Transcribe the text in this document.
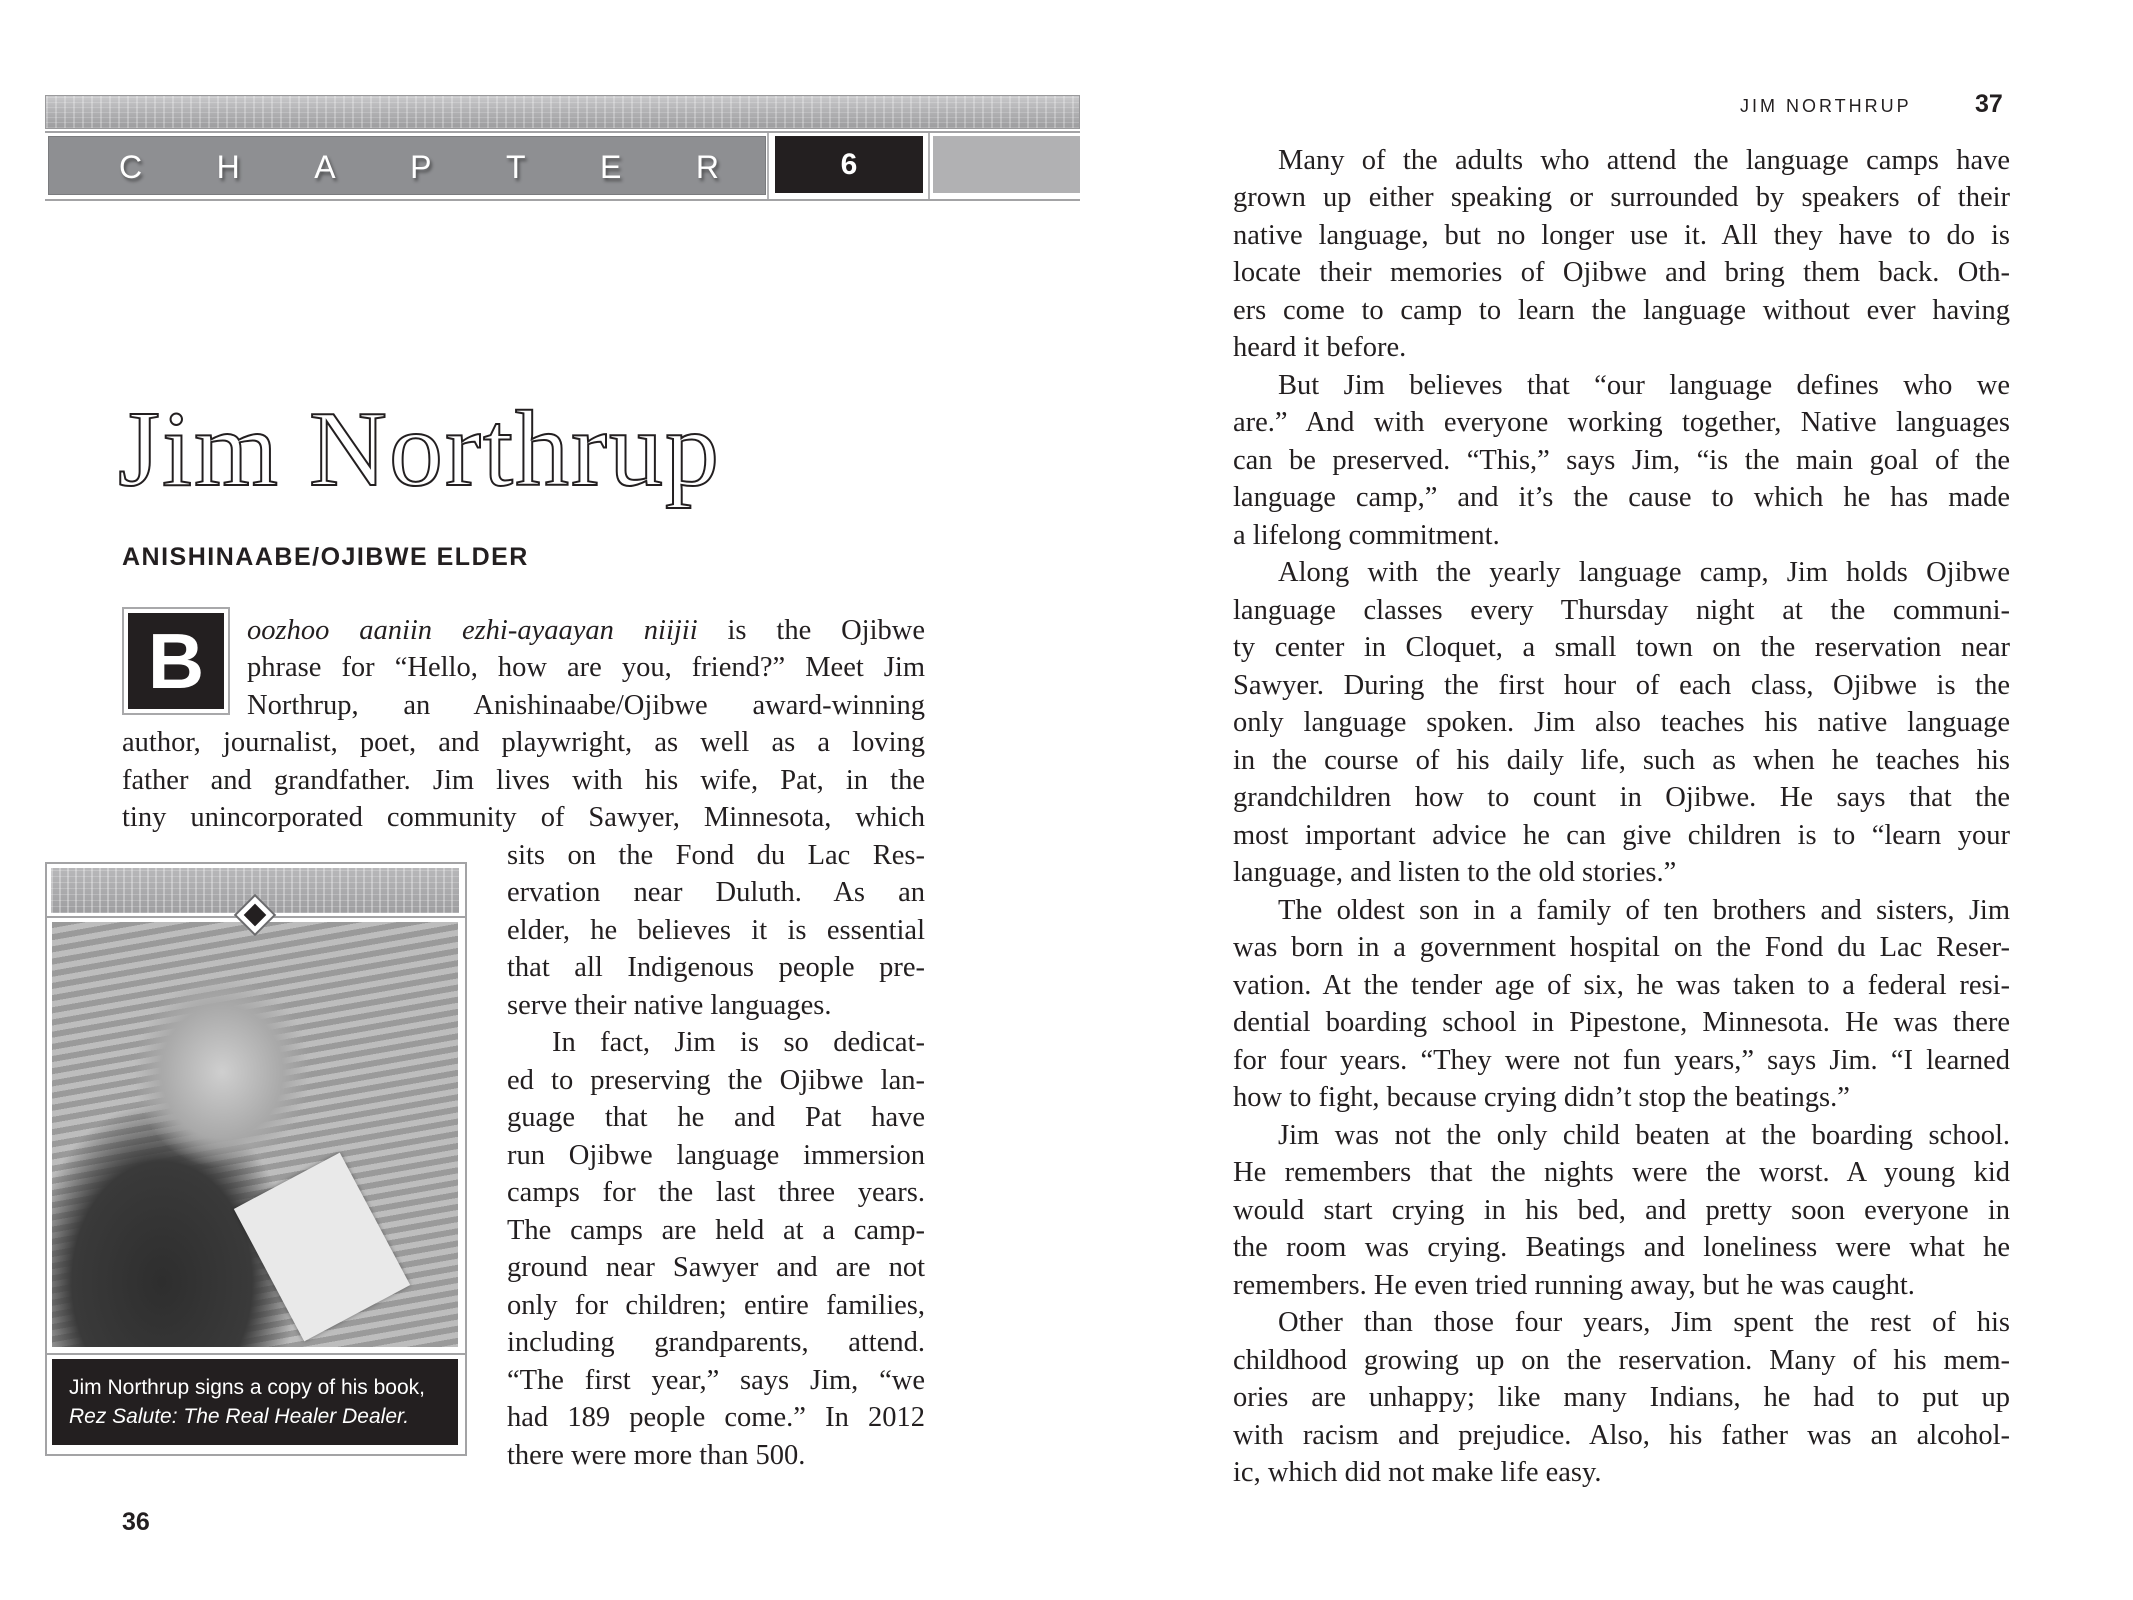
C H A P T E R	6
Jim Northrup
ANISHINAABE/OJIBWE ELDER
B	oozhoo aaniin ezhi-ayaayan niijii is the Ojibwe
phrase for “Hello, how are you, friend?” Meet Jim
Northrup, an Anishinaabe/Ojibwe award-winning
author, journalist, poet, and playwright, as well as a loving
father and grandfather. Jim lives with his wife, Pat, in the
tiny unincorporated community of Sawyer, Minnesota, which
sits on the Fond du Lac Res-
ervation near Duluth. As an
elder, he believes it is essential
that all Indigenous people pre-
serve their native languages.
In fact, Jim is so dedicat-
ed to preserving the Ojibwe lan-
guage that he and Pat have
run Ojibwe language immersion
camps for the last three years.
The camps are held at a camp-
ground near Sawyer and are not
only for children; entire families,
including grandparents, attend.
“The first year,” says Jim, “we
had 189 people come.” In 2012
there were more than 500.
Jim Northrup signs a copy of his book,
Rez Salute: The Real Healer Dealer.
36
JIM NORTHRUP	37
Many of the adults who attend the language camps have
grown up either speaking or surrounded by speakers of their
native language, but no longer use it. All they have to do is
locate their memories of Ojibwe and bring them back. Oth-
ers come to camp to learn the language without ever having
heard it before.
But Jim believes that “our language defines who we
are.” And with everyone working together, Native languages
can be preserved. “This,” says Jim, “is the main goal of the
language camp,” and it’s the cause to which he has made
a lifelong commitment.
Along with the yearly language camp, Jim holds Ojibwe
language classes every Thursday night at the communi-
ty center in Cloquet, a small town on the reservation near
Sawyer. During the first hour of each class, Ojibwe is the
only language spoken. Jim also teaches his native language
in the course of his daily life, such as when he teaches his
grandchildren how to count in Ojibwe. He says that the
most important advice he can give children is to “learn your
language, and listen to the old stories.”
The oldest son in a family of ten brothers and sisters, Jim
was born in a government hospital on the Fond du Lac Reser-
vation. At the tender age of six, he was taken to a federal resi-
dential boarding school in Pipestone, Minnesota. He was there
for four years. “They were not fun years,” says Jim. “I learned
how to fight, because crying didn’t stop the beatings.”
Jim was not the only child beaten at the boarding school.
He remembers that the nights were the worst. A young kid
would start crying in his bed, and pretty soon everyone in
the room was crying. Beatings and loneliness were what he
remembers. He even tried running away, but he was caught.
Other than those four years, Jim spent the rest of his
childhood growing up on the reservation. Many of his mem-
ories are unhappy; like many Indians, he had to put up
with racism and prejudice. Also, his father was an alcohol-
ic, which did not make life easy.
